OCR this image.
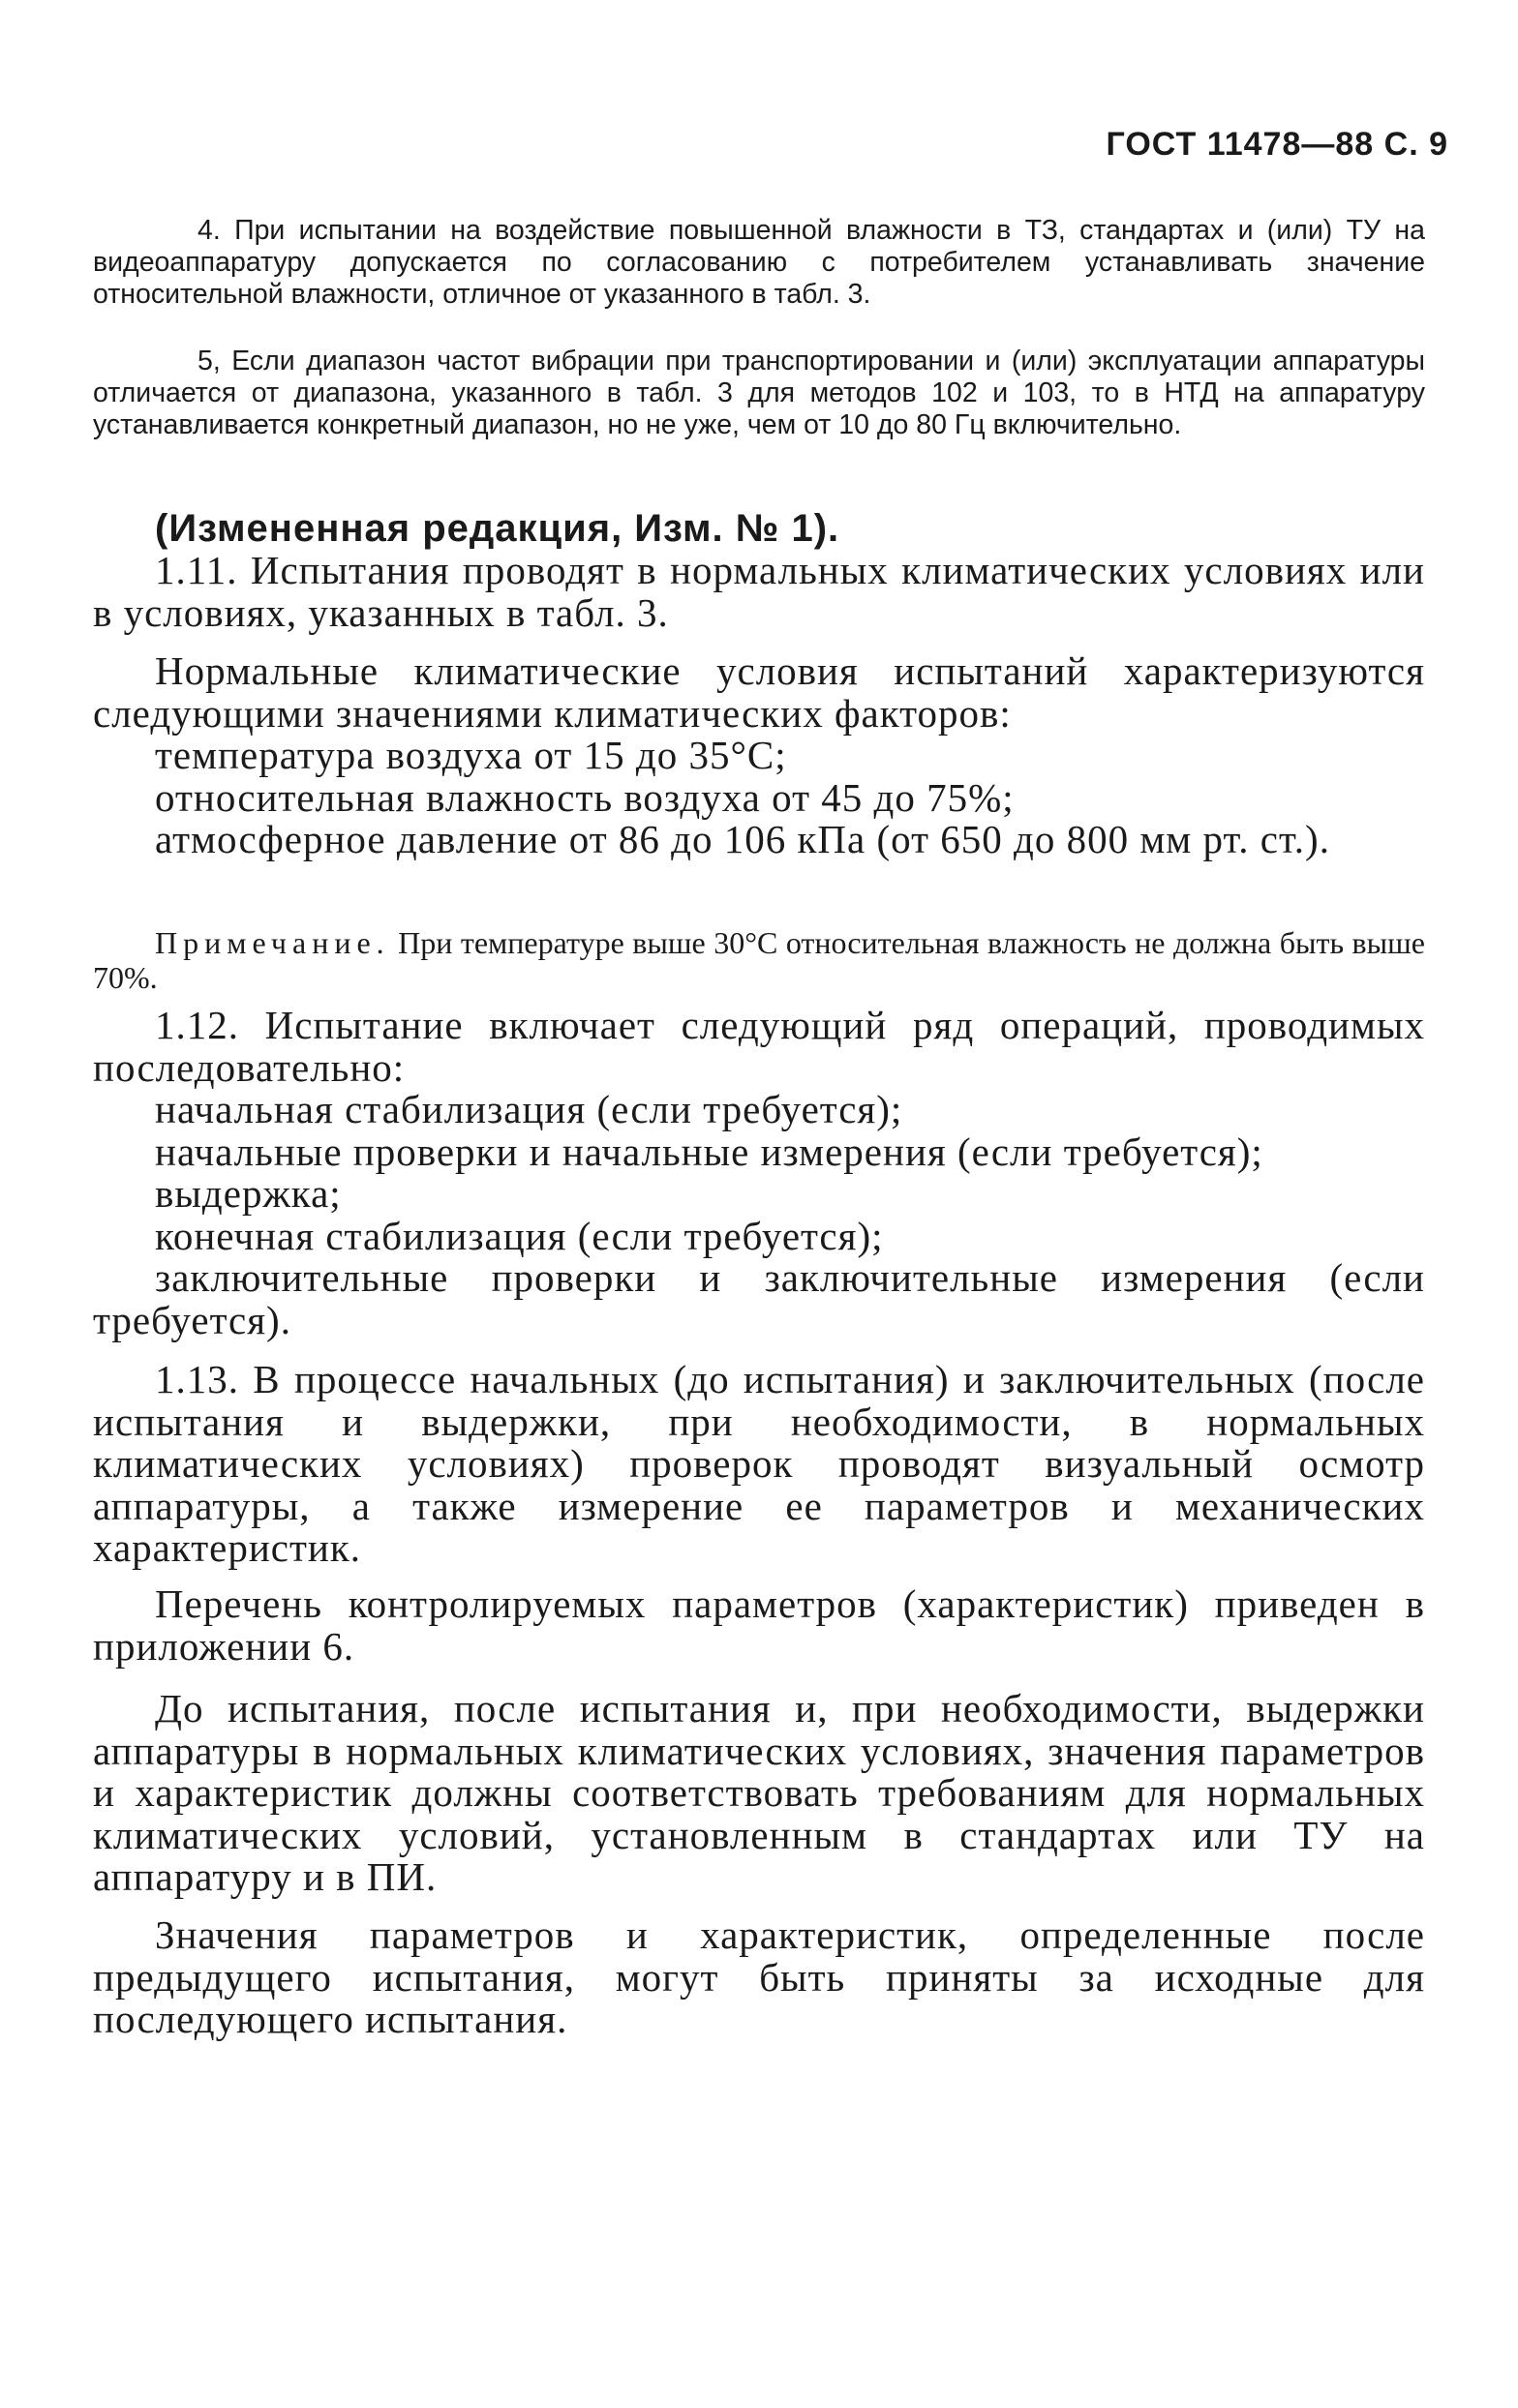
ГОСТ 11478—88 С. 9

4. При испытании на воздействие повышенной влажности в ТЗ, стандартах и (или) ТУ на видеоаппаратуру допускается по согласованию с потребителем устанавливать значение относительной влажности, отличное от указанного в табл. 3.

5, Если диапазон частот вибрации при транспортировании и (или) эксплуатации аппаратуры отличается от диапазона, указанного в табл. 3 для методов 102 и 103, то в НТД на аппаратуру устанавливается конкретный диапазон, но не уже, чем от 10 до 80 Гц включительно.

(Измененная редакция, Изм. № 1).

1.11. Испытания проводят в нормальных климатических условиях или в условиях, указанных в табл. 3.

Нормальные климатические условия испытаний характеризуются следующими значениями климатических факторов:

температура воздуха от 15 до 35°С;
относительная влажность воздуха от 45 до 75%;
атмосферное давление от 86 до 106 кПа (от 650 до 800 мм рт. ст.).

Примечание. При температуре выше 30°С относительная влажность не должна быть выше 70%.

1.12. Испытание включает следующий ряд операций, проводимых последовательно:

начальная стабилизация (если требуется);
начальные проверки и начальные измерения (если требуется);
выдержка;
конечная стабилизация (если требуется);
заключительные проверки и заключительные измерения (если требуется).

1.13. В процессе начальных (до испытания) и заключительных (после испытания и выдержки, при необходимости, в нормальных климатических условиях) проверок проводят визуальный осмотр аппаратуры, а также измерение ее параметров и механических характеристик.

Перечень контролируемых параметров (характеристик) приведен в приложении 6.

До испытания, после испытания и, при необходимости, выдержки аппаратуры в нормальных климатических условиях, значения параметров и характеристик должны соответствовать требованиям для нормальных климатических условий, установленным в стандартах или ТУ на аппаратуру и в ПИ.

Значения параметров и характеристик, определенные после предыдущего испытания, могут быть приняты за исходные для последующего испытания.
